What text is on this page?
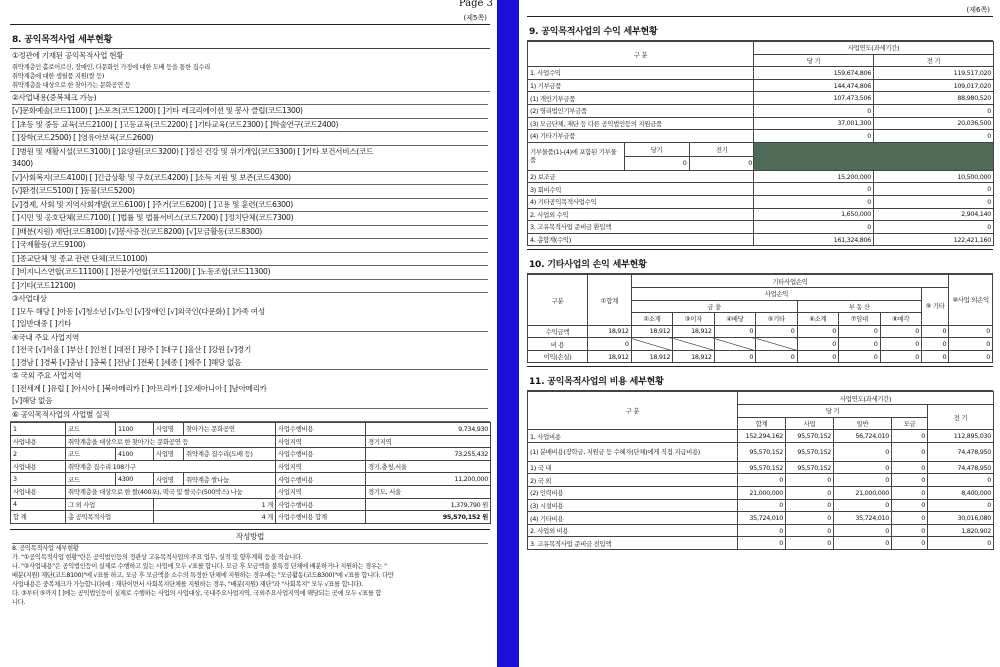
Page 3
(제5쪽)
8. 공익목적사업 세부현황
①정관에 기재된 공익목적사업 현황
취약계층인 홀로어르신, 장애인, 다문화인 가정에 대한 도배 등을 통한 집수리
취약계층에 대한 생필품 지원(쌀 등)
취약계층을 대상으로 한 찾아가는 문화공연 등
②사업내용(중복체크 가능)
[√]문화예술(코드1100) [ ]스포츠(코드1200) [ ]기타 레크리에이션 및 봉사 클럽(코드1300)
[ ]초등 및 중등 교육(코드2100) [ ]고등교육(코드2200) [ ]기타교육(코드2300) [ ]학술연구(코드2400)
[ ]장학(코드2500) [ ]영유아보육(코드2600)
[ ]병원 및 재활시설(코드3100) [ ]요양원(코드3200) [ ]정신 건강 및 위기개입(코드3300) [ ]기타 보건서비스(코드
3400)
[√]사회복지(코드4100) [ ]긴급상황 및 구호(코드4200) [ ]소득 지원 및 보존(코드4300)
[√]환경(코드5100) [ ]동물(코드5200)
[√]경제, 사회 및 지역사회개발(코드6100) [ ]주거(코드6200) [ ]고용 및 훈련(코드6300)
[ ]시민 및 옹호단체(코드7100) [ ]법률 및 법률서비스(코드7200) [ ]정치단체(코드7300)
[ ]배분(지원) 재단(코드8100) [√]봉사증진(코드8200) [√]모금활동(코드8300)
[ ]국제활동(코드9100)
[ ]종교단체 및 종교 관련 단체(코드10100)
[ ]비지니스연합(코드11100) [ ]전문가연합(코드11200) [ ]노동조합(코드11300)
[ ]기타(코드12100)
③사업대상
[ ]모두 해당 [ ]아동 [√]청소년 [√]노인 [√]장애인 [√]외국인(다문화) [ ]가족 여성
[ ]일반대중 [ ]기타
④국내 주요 사업지역
[ ]전국 [√]서울 [ ]부산 [ ]인천 [ ]대전 [ ]광주 [ ]대구 [ ]울산 [ ]강원 [√]경기
[ ]경남 [ ]경북 [√]충남 [ ]충북 [ ]전남 [ ]전북 [ ]세종 [ ]제주 [ ]해당 없음
⑤ 국외 주요 사업지역
[ ]전세계 [ ]유럽 [ ]아시아 [ ]북아메리카 [ ]아프리카 [ ]오세아니아 [ ]남아메리카
[√]해당 없음
⑥ 공익목적사업의 사업별 실적
1	코드	1100	사업명	찾아가는 문화공연	사업수행비용	9,734,930
사업내용	취약계층을 대상으로 한 찾아가는 문화공연 등				사업지역	경기지역
2	코드	4100	사업명	취약계층 집수리(도배 등)	사업수행비용	73,255,432
사업내용	취약계층 집수리 108가구				사업지역	경기,충청,서울
3	코드	4300	사업명	취약계층 쌀나눔	사업수행비용	11,200,000
사업내용	취약계층을 대상으로 한 쌀(400포), 떡국 및 쌀국수(500박스) 나눔				사업지역	경기도, 서울
4	그 외 사업		1 개		사업수행비용	1,379,790 원
합 계	총 공익목적사업		4 개		사업수행비용 합계	95,570,152 원
작성방법
8. 공익목적사업 세부현황
가. "①공익목적사업 현황"란은 공익법인등의 정관상 고유목적사업의 주요 업무, 실적 및 향후계획 등을 적습니다.
나. "②사업내용"은 공익법인등이 실제로 수행하고 있는 사업에 모두 √표를 합니다. 모금 후 모금액을 불특정 단체에 배분하거나 지원하는 경우는 "
배분(지원) 재단(코드8100)"에 √표를 하고, 모금 후 모금액을 소수의 특정한 단체에 지원하는 경우에는 "모금활동(코드8300)"에 √표를 합니다. 다만
사업내용은 중복체크가 가능합니다(예 : 재단이면서 사회복지단체를 지원하는 경우, "배분(지원) 재단"과 "사회복지" 모두 √표를 합니다).
다. ③부터 ⑤까지 [ ]에는 공익법인등이 실제로 수행하는 사업의 사업대상, 국내주요사업지역, 국외주요사업지역에 해당되는 곳에 모두 √표를 합
니다.
(제6쪽)
9. 공익목적사업의 수익 세부현황
구 분	사업연도(과세기간)
당 기	전 기
1. 사업수익	159,674,806	119,517,020
1) 기부금품	144,474,806	109,017,020
(1) 개인기부금품	107,473,506	88,980,520
(2) 영리법인기부금품	0	0
(3) 모금단체, 재단 등 다른 공익법인등의 지원금품	37,001,300	20,036,500
(4) 기타기부금품	0	0

기부물품(1)-(4)에 포함된 기부물품	당기	전기
0	0

2) 보조금	15,200,000	10,500,000
3) 회비수익	0	0
4) 기타공익목적사업수익	0	0
2. 사업외 수익	1,650,000	2,904,140
3. 고유목적사업 준비금 환입액	0	0
4. 총합계(수익)	161,324,806	122,421,160
10. 기타사업의 손익 세부현황
구분	①합계	기타사업손익								⑩사업 외손익
		사업손익							⑨ 기타	
		금 융				부 동 산				
		②소계	③이자	④배당	⑤기타	⑥소계	⑦임대	⑧매각		
수익금액	18,912	18,912	18,912	0	0	0	0	0	0	0
비 용	0					0	0	0	0	0
이익(손실)	18,912	18,912	18,912	0	0	0	0	0	0	0
11. 공익목적사업의 비용 세부현황
구 분	사업연도(과세기간)				
	당 기				전 기
	합계	사업	일반	모금	
1. 사업비용	152,294,162	95,570,152	56,724,010	0	112,895,030
(1) 분배비용(장학금, 지원금 등 수혜자(단체)에게 직접 지급비용)	95,570,152	95,570,152	0	0	74,478,950
1) 국 내	95,570,152	95,570,152	0	0	74,478,950
2) 국 외	0	0	0	0	0
(2) 인력비용	21,000,000	0	21,000,000	0	8,400,000
(3) 시설비용	0	0	0	0	0
(4) 기타비용	35,724,010	0	35,724,010	0	30,016,080
2. 사업외 비용	0	0	0	0	1,820,902
3. 고유목적사업 준비금 전입액	0	0	0	0	0
